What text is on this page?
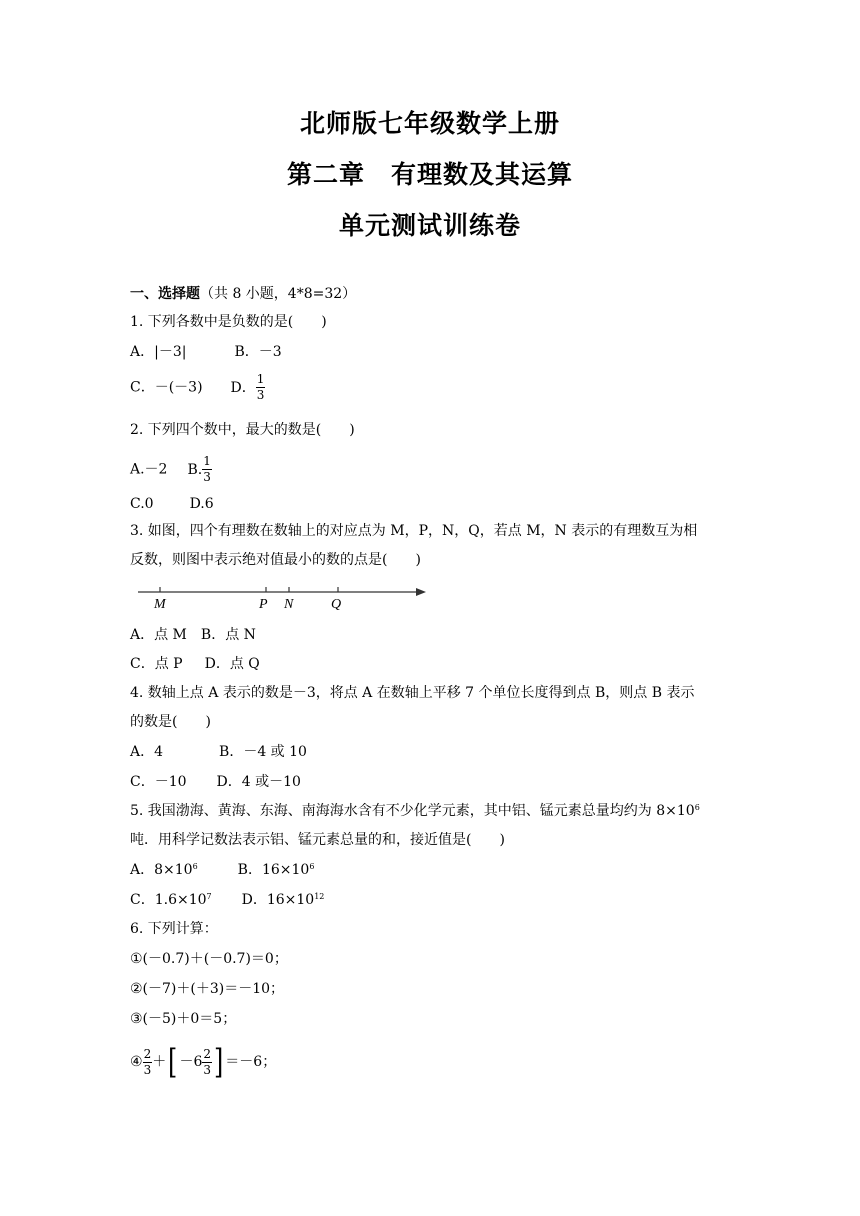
北师版七年级数学上册
第二章　有理数及其运算
单元测试训练卷
一、选择题（共 8 小题，4*8=32）
1. 下列各数中是负数的是(　　)
A．|－3|	B．－3
C．－(－3) D． $\frac{1}{3}$
2. 下列四个数中，最大的数是(　　)
A.－2 B. $\frac{1}{3}$
C.0	D.6
3. 如图，四个有理数在数轴上的对应点为 M，P，N，Q，若点 M，N 表示的有理数互为相
反数，则图中表示绝对值最小的数的点是(　　)
M	P N	Q
A．点 M B．点 N
C．点 P D．点 Q
4. 数轴上点 A 表示的数是－3，将点 A 在数轴上平移 7 个单位长度得到点 B，则点 B 表示
的数是(　　)
A．4	B．－4 或 10
C．－10 D．4 或－10
5. 我国渤海、黄海、东海、南海海水含有不少化学元素，其中铝、锰元素总量均约为 $8\times 10^6$
吨．用科学记数法表示铝、锰元素总量的和，接近值是(　　)
A．$8\times 10^6$	B．$16\times 10^6$
C．$1.6\times 10^7$ D．$16\times 10^{12}$
6. 下列计算：
①(－0.7)＋(－0.7)＝0；
②(－7)＋(＋3)＝－10；
③(－5)＋0＝5；
④ $\frac{2}{3}$ ＋[ $-6 \frac{2}{3}$ ] ＝－6；
